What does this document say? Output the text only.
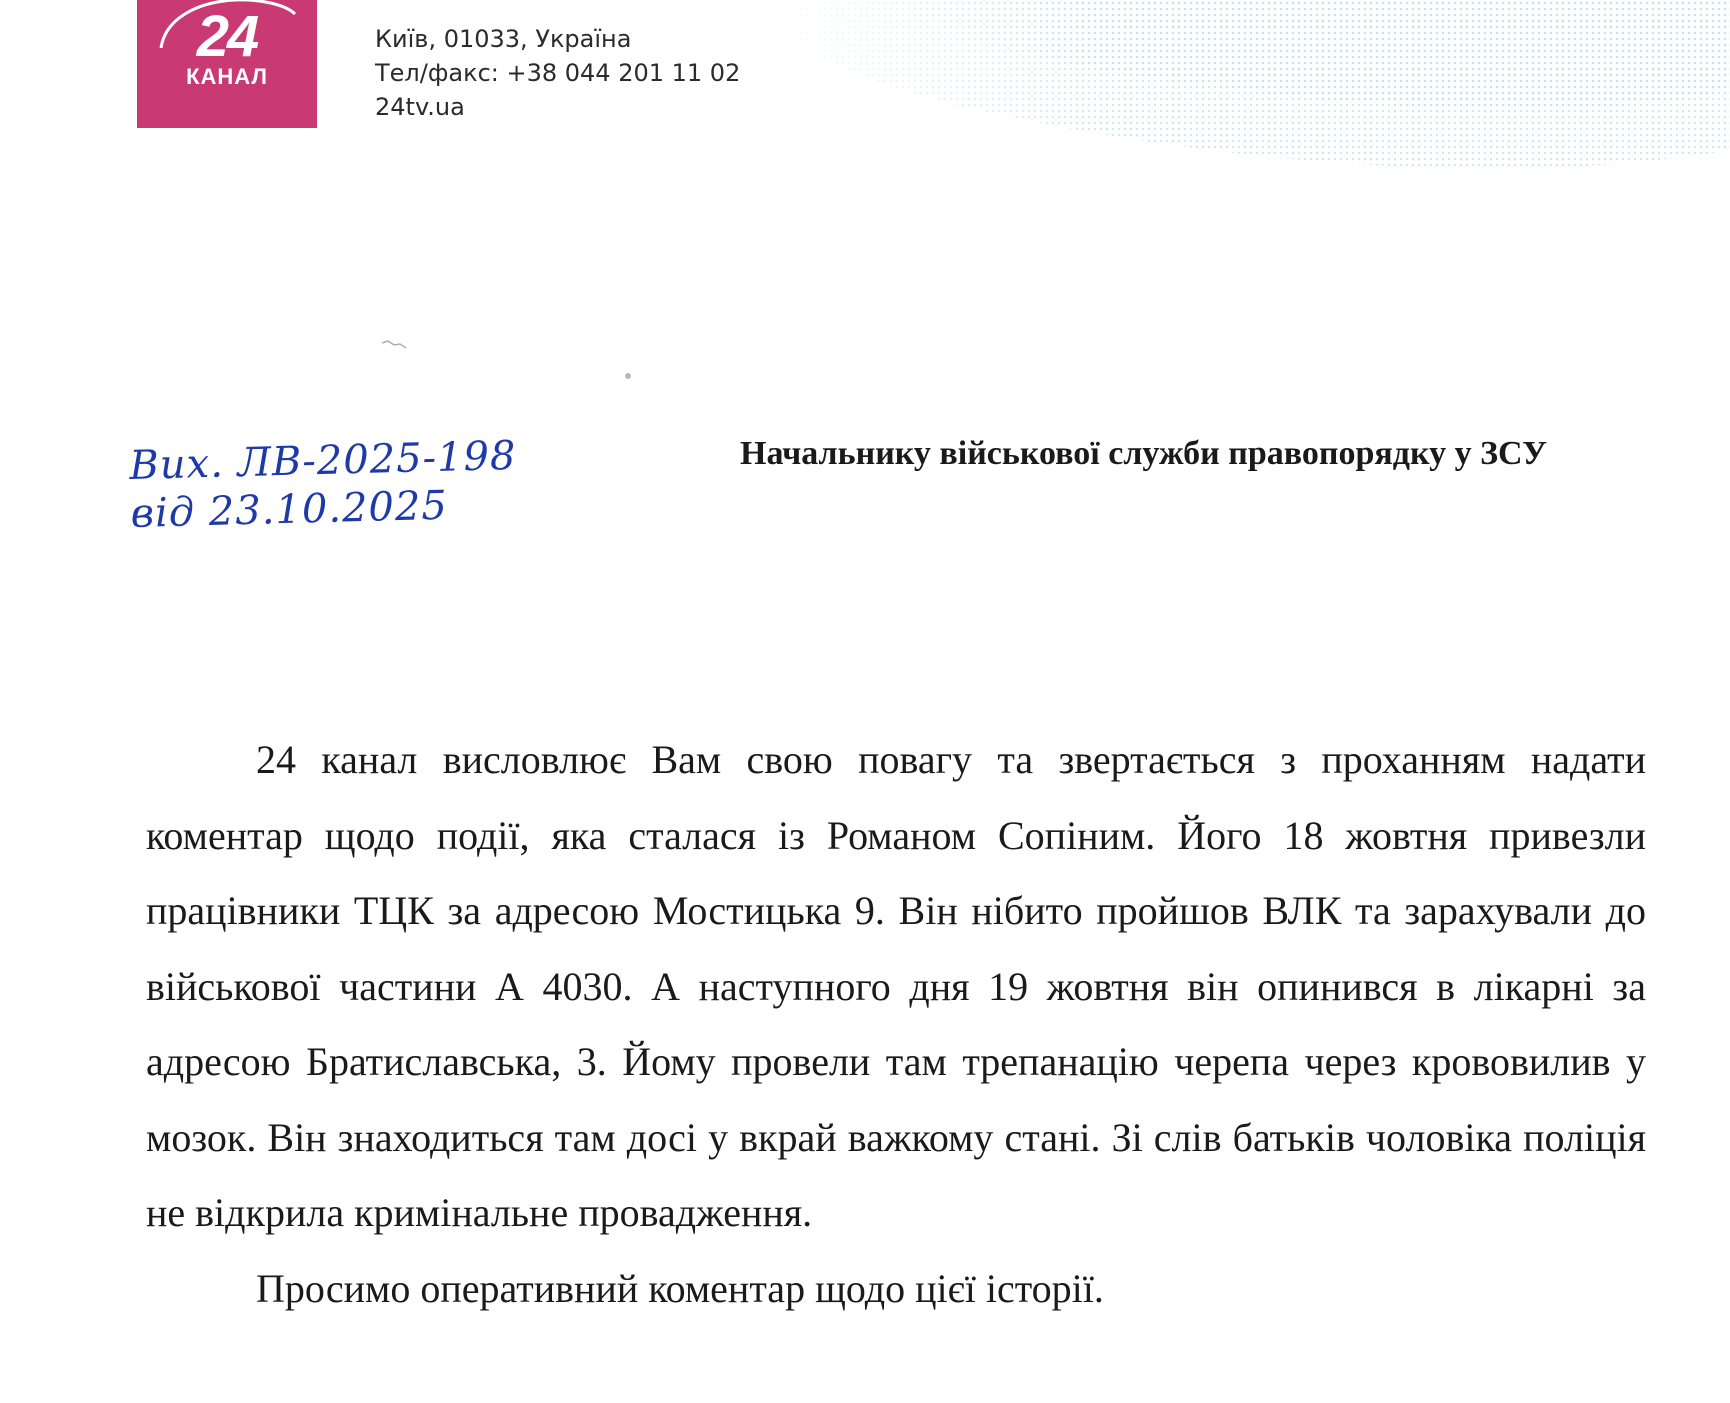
24
КАНАЛ

Київ, 01033, Україна
Тел/факс: +38 044 201 11 02
24tv.ua
Вих. ЛВ-2025-198
від 23.10.2025
Начальнику військової служби правопорядку у ЗСУ

24 канал висловлює Вам свою повагу та звертається з проханням надати коментар щодо події, яка сталася із Романом Сопіним. Його 18 жовтня привезли працівники ТЦК за адресою Мостицька 9. Він нібито пройшов ВЛК та зарахували до військової частини А 4030. А наступного дня 19 жовтня він опинився в лікарні за адресою Братиславська, 3. Йому провели там трепанацію черепа через крововилив у мозок. Він знаходиться там досі у вкрай важкому стані. Зі слів батьків чоловіка поліція не відкрила кримінальне провадження.

Просимо оперативний коментар щодо цієї історії.
